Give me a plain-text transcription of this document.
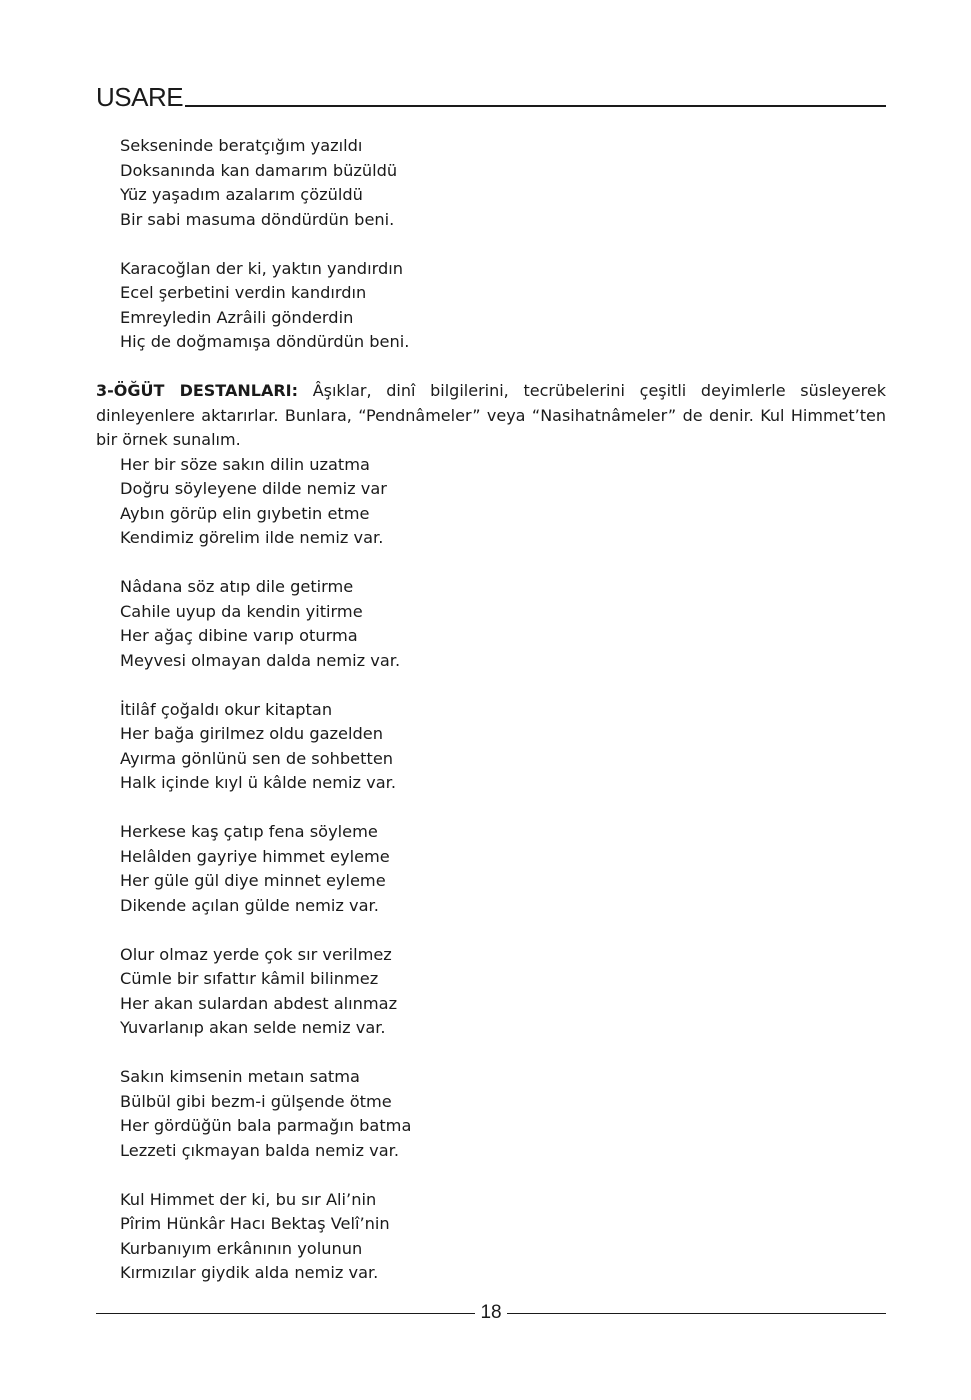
USARE
Sekseninde beratçığım yazıldı
Doksanında kan damarım büzüldü
Yüz yaşadım azalarım çözüldü
Bir sabi masuma döndürdün beni.
Karacoğlan der ki, yaktın yandırdın
Ecel şerbetini verdin kandırdın
Emreyledin Azrâili gönderdin
Hiç de doğmamışa döndürdün beni.

3-ÖĞÜT DESTANLARI: Âşıklar, dinî bilgilerini, tecrübelerini çeşitli deyimlerle süsleyerek dinleyenlere aktarırlar. Bunlara, “Pendnâmeler” veya “Nasihatnâmeler” de denir. Kul Himmet’ten bir örnek sunalım.

Her bir söze sakın dilin uzatma
Doğru söyleyene dilde nemiz var
Aybın görüp elin gıybetin etme
Kendimiz görelim ilde nemiz var.
Nâdana söz atıp dile getirme
Cahile uyup da kendin yitirme
Her ağaç dibine varıp oturma
Meyvesi olmayan dalda nemiz var.
İtilâf çoğaldı okur kitaptan
Her bağa girilmez oldu gazelden
Ayırma gönlünü sen de sohbetten
Halk içinde kıyl ü kâlde nemiz var.
Herkese kaş çatıp fena söyleme
Helâlden gayriye himmet eyleme
Her güle gül diye minnet eyleme
Dikende açılan gülde nemiz var.
Olur olmaz yerde çok sır verilmez
Cümle bir sıfattır kâmil bilinmez
Her akan sulardan abdest alınmaz
Yuvarlanıp akan selde nemiz var.
Sakın kimsenin metaın satma
Bülbül gibi bezm-i gülşende ötme
Her gördüğün bala parmağın batma
Lezzeti çıkmayan balda nemiz var.
Kul Himmet der ki, bu sır Ali’nin
Pîrim Hünkâr Hacı Bektaş Velî’nin
Kurbanıyım erkânının yolunun
Kırmızılar giydik alda nemiz var.
18
